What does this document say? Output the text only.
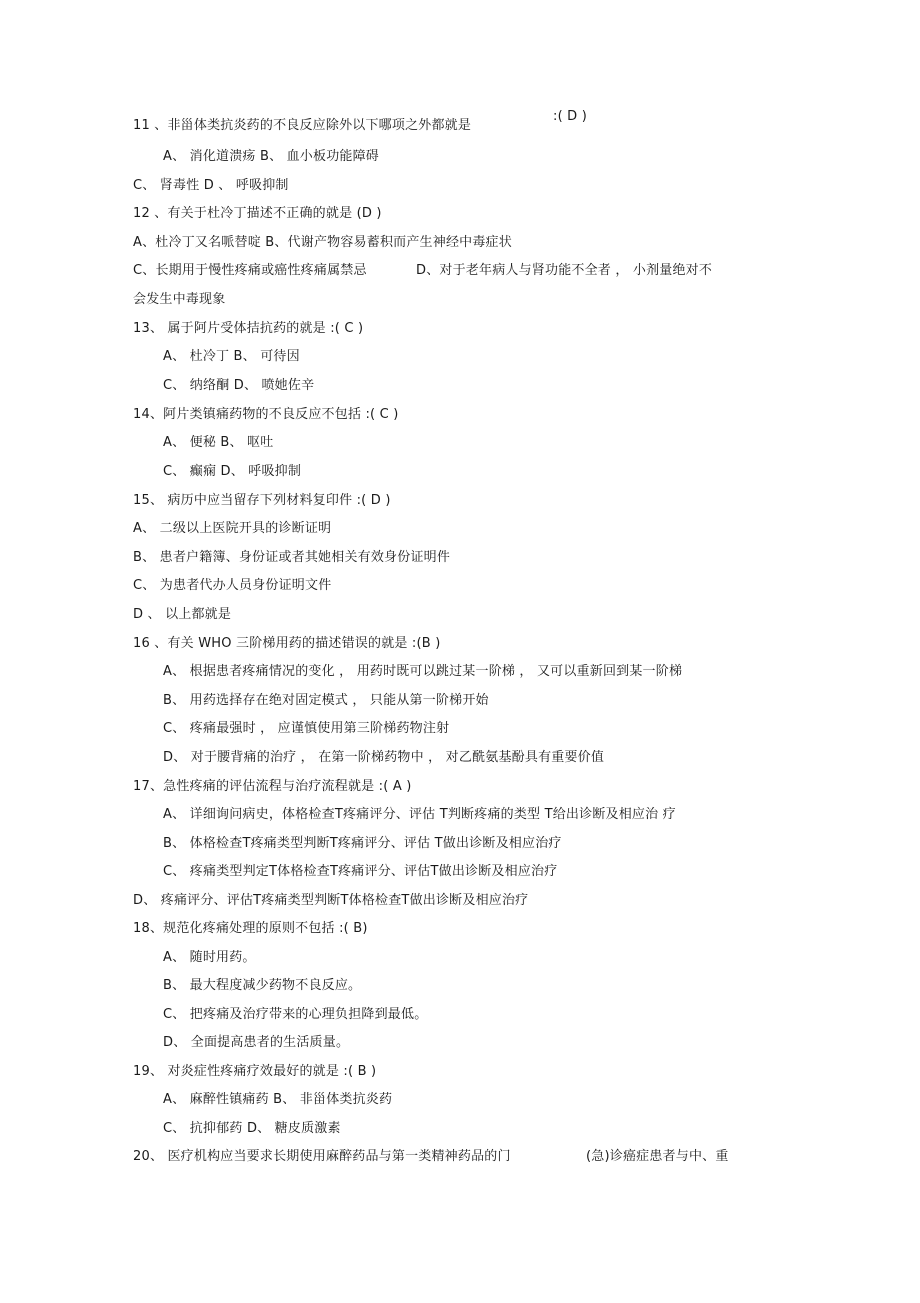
11 、非甾体类抗炎药的不良反应除外以下哪项之外都就是
:( D )
A、 消化道溃疡 B、 血小板功能障碍
C、 肾毒性 D 、 呼吸抑制
12 、有关于杜冷丁描述不正确的就是 (D )
A、杜冷丁又名哌替啶 B、代谢产物容易蓄积而产生神经中毒症状
C、长期用于慢性疼痛或癌性疼痛属禁忌	D、对于老年病人与肾功能不全者 ， 小剂量绝对不
会发生中毒现象
13、 属于阿片受体拮抗药的就是 :( C )
A、 杜冷丁 B、 可待因
C、 纳络酮 D、 喷她佐辛
14、阿片类镇痛药物的不良反应不包括 :( C )
A、 便秘 B、 呕吐
C、 癫痫 D、 呼吸抑制
15、 病历中应当留存下列材料复印件 :( D )
A、 二级以上医院开具的诊断证明
B、 患者户籍簿、身份证或者其她相关有效身份证明件
C、 为患者代办人员身份证明文件
D 、 以上都就是
16 、有关 WHO 三阶梯用药的描述错误的就是 :(B )
A、 根据患者疼痛情况的变化 ， 用药时既可以跳过某一阶梯 ， 又可以重新回到某一阶梯
B、 用药选择存在绝对固定模式 ， 只能从第一阶梯开始
C、 疼痛最强时 ， 应谨慎使用第三阶梯药物注射
D、 对于腰背痛的治疗 ， 在第一阶梯药物中 ， 对乙酰氨基酚具有重要价值
17、急性疼痛的评估流程与治疗流程就是 :( A )
A、 详细询问病史，体格检查T疼痛评分、评估 T判断疼痛的类型 T给出诊断及相应治 疗
B、 体格检查T疼痛类型判断T疼痛评分、评估 T做出诊断及相应治疗
C、 疼痛类型判定T体格检查T疼痛评分、评估T做出诊断及相应治疗
D、 疼痛评分、评估T疼痛类型判断T体格检查T做出诊断及相应治疗
18、规范化疼痛处理的原则不包括 :( B)
A、 随时用药。
B、 最大程度减少药物不良反应。
C、 把疼痛及治疗带来的心理负担降到最低。
D、 全面提高患者的生活质量。
19、 对炎症性疼痛疗效最好的就是 :( B )
A、 麻醉性镇痛药 B、 非甾体类抗炎药
C、 抗抑郁药 D、 糖皮质激素
20、 医疗机构应当要求长期使用麻醉药品与第一类精神药品的门	(急)诊癌症患者与中、重
